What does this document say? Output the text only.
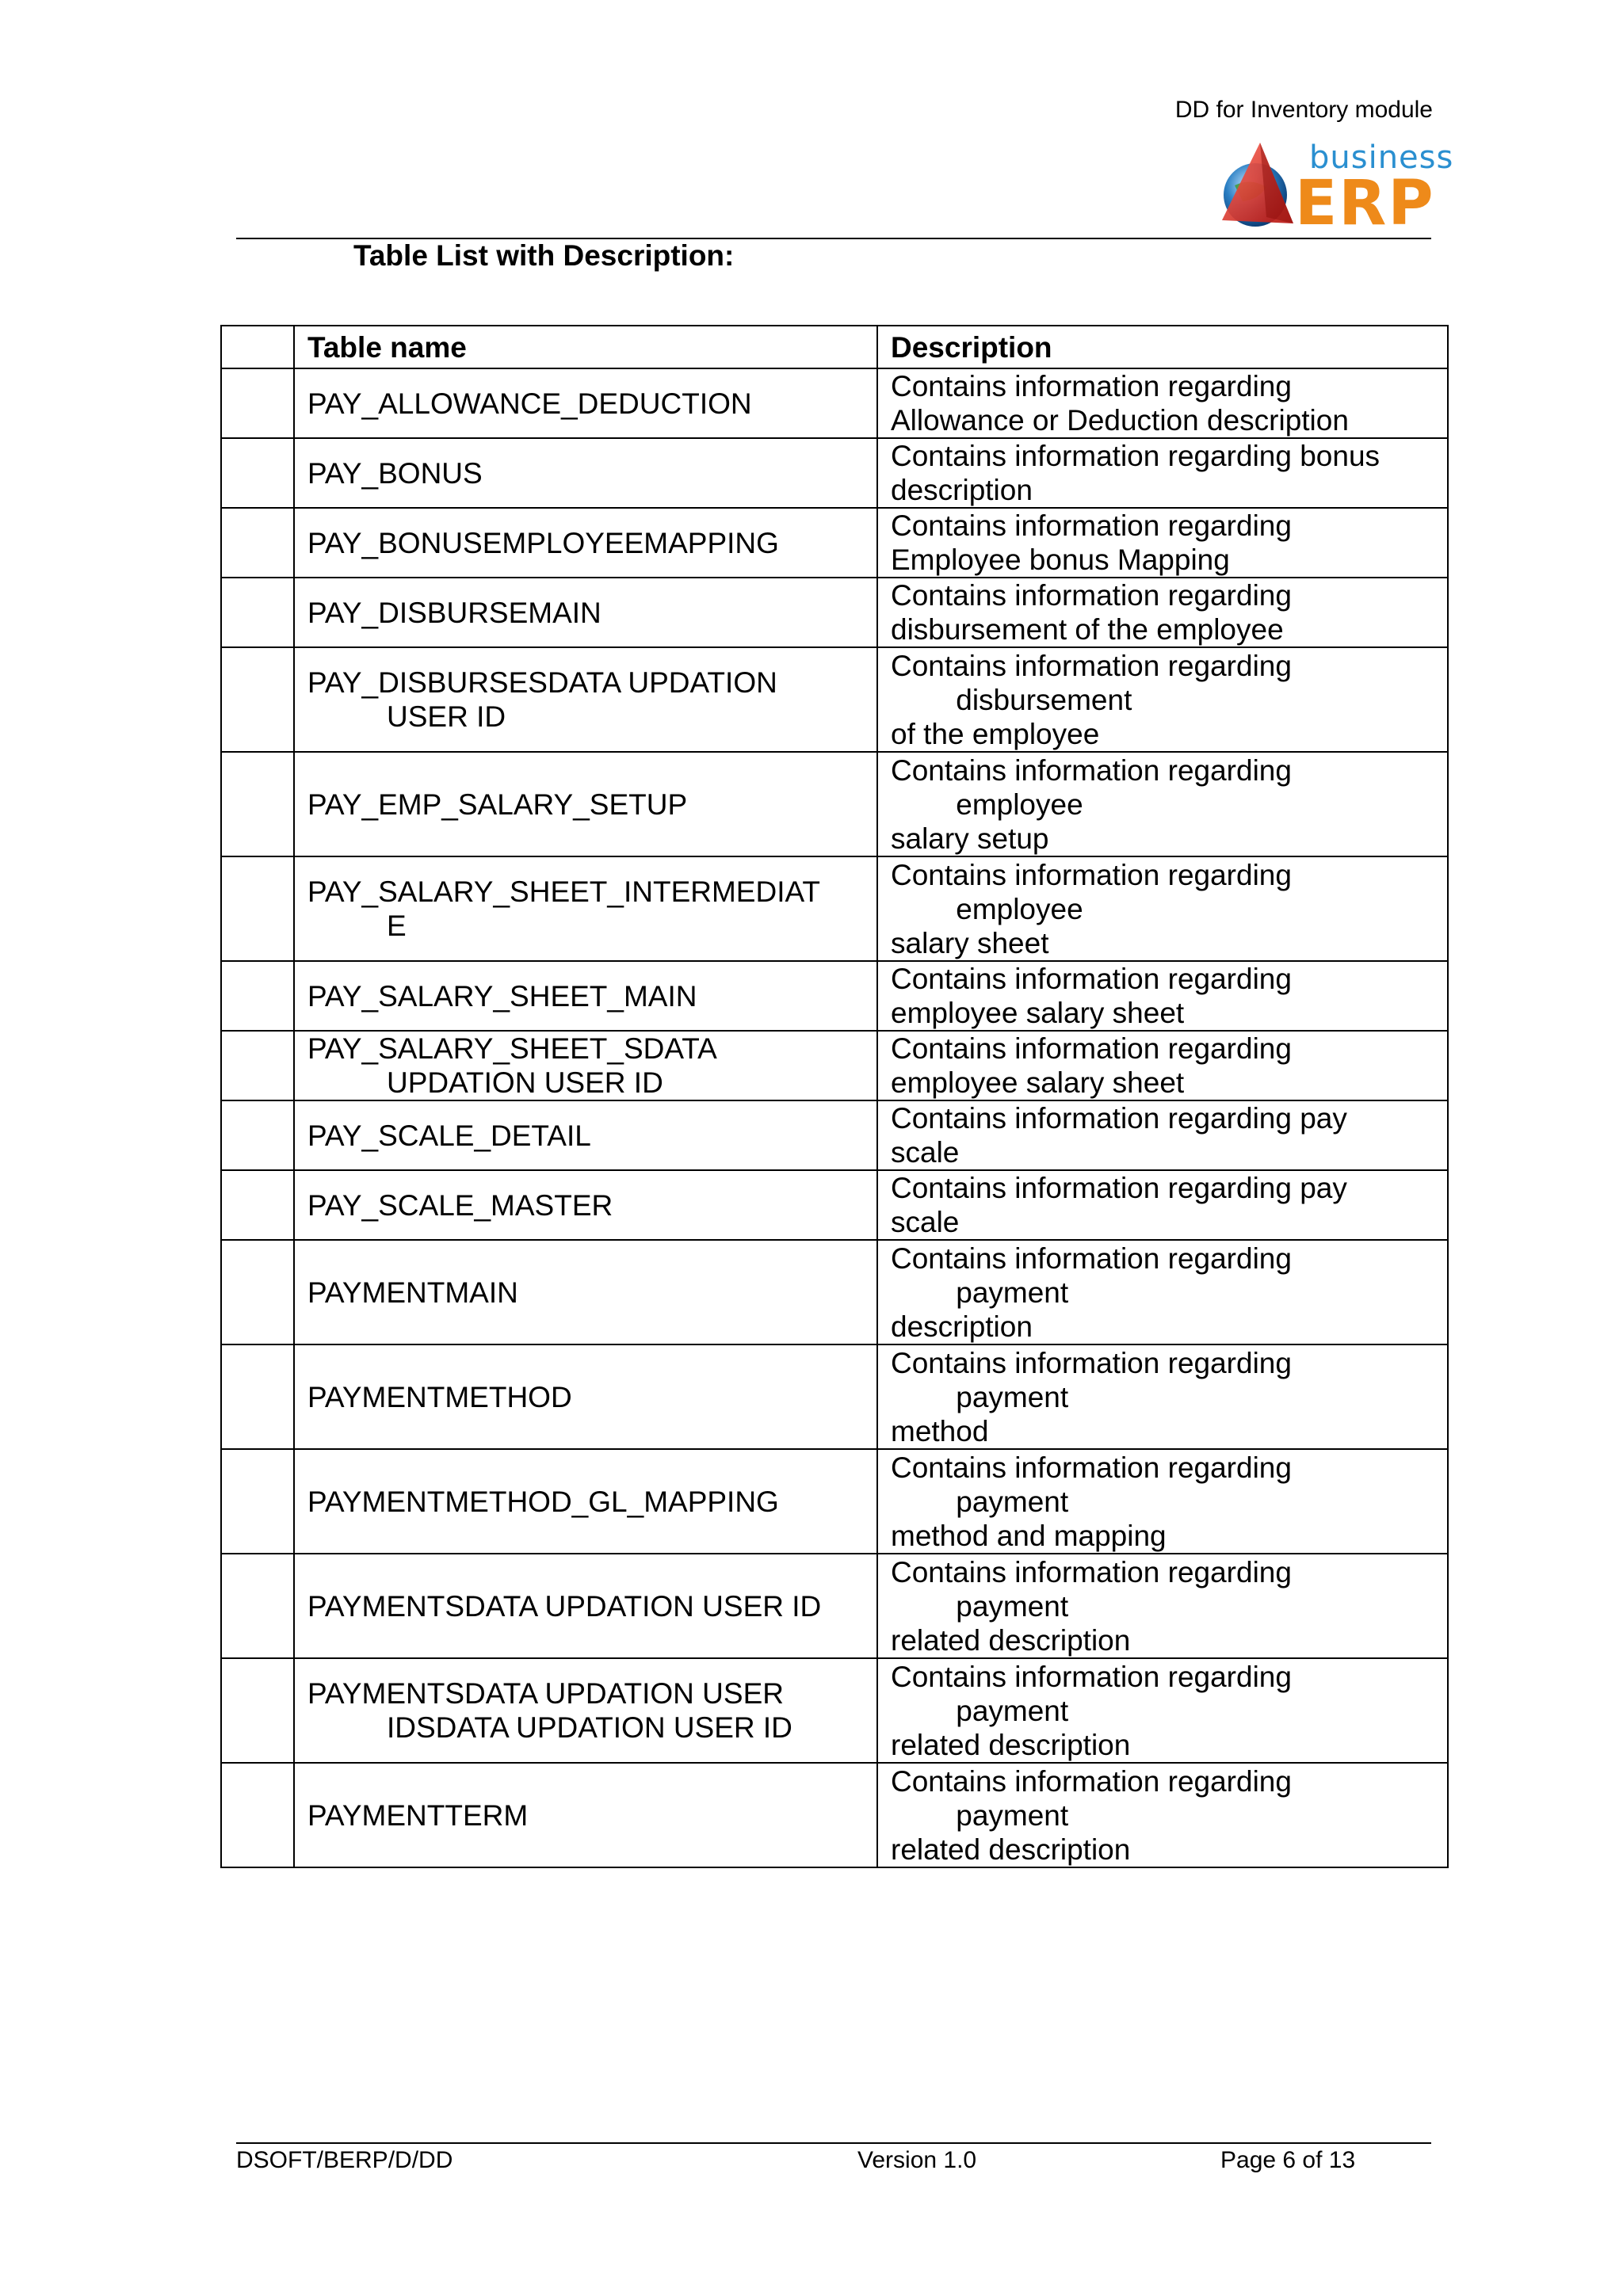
DD for Inventory module
business
ERP
Table List with Description:
	Table name	Description

	PAY_ALLOWANCE_DEDUCTION	Contains information regarding
Allowance or Deduction description

	PAY_BONUS	Contains information regarding bonus
description

	PAY_BONUSEMPLOYEEMAPPING	Contains information regarding
Employee bonus Mapping

	PAY_DISBURSEMAIN	Contains information regarding
disbursement of the employee

	PAY_DISBURSESDATA UPDATION
USER ID	Contains information regarding
disbursement
of the employee

	PAY_EMP_SALARY_SETUP	Contains information regarding
employee
salary setup

	PAY_SALARY_SHEET_INTERMEDIAT
E	Contains information regarding
employee
salary sheet

	PAY_SALARY_SHEET_MAIN	Contains information regarding
employee salary sheet

	PAY_SALARY_SHEET_SDATA
UPDATION USER ID	Contains information regarding
employee salary sheet

	PAY_SCALE_DETAIL	Contains information regarding pay
scale

	PAY_SCALE_MASTER	Contains information regarding pay
scale

	PAYMENTMAIN	Contains information regarding
payment
description

	PAYMENTMETHOD	Contains information regarding
payment
method

	PAYMENTMETHOD_GL_MAPPING	Contains information regarding
payment
method and mapping

	PAYMENTSDATA UPDATION USER ID	Contains information regarding
payment
related description

	PAYMENTSDATA UPDATION USER
IDSDATA UPDATION USER ID	Contains information regarding
payment
related description

	PAYMENTTERM	Contains information regarding
payment
related description
DSOFT/BERP/D/DD	Version 1.0	Page 6 of 13
